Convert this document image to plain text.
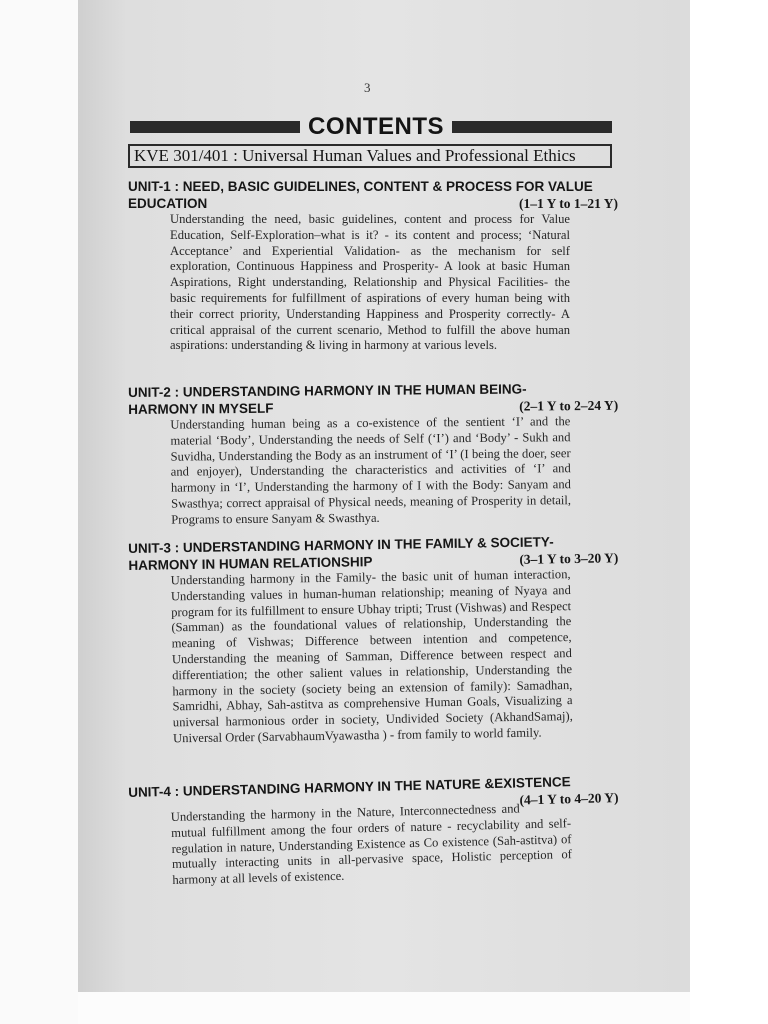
3
CONTENTS
KVE 301/401 : Universal Human Values and Professional Ethics
UNIT-1 : NEED, BASIC GUIDELINES, CONTENT & PROCESS FOR VALUE
EDUCATION	(1–1 Y to 1–21 Y)
Understanding the need, basic guidelines, content and process for Value Education, Self-Exploration–what is it? - its content and process; ‘Natural Acceptance’ and Experiential Validation- as the mechanism for self exploration, Continuous Happiness and Prosperity- A look at basic Human Aspirations, Right understanding, Relationship and Physical Facilities- the basic requirements for fulfillment of aspirations of every human being with their correct priority, Understanding Happiness and Prosperity correctly- A critical appraisal of the current scenario, Method to fulfill the above human aspirations: understanding & living in harmony at various levels.
UNIT-2 : UNDERSTANDING HARMONY IN THE HUMAN BEING-
HARMONY IN MYSELF	(2–1 Y to 2–24 Y)
Understanding human being as a co-existence of the sentient ‘I’ and the material ‘Body’, Understanding the needs of Self (‘I’) and ‘Body’ - Sukh and Suvidha, Understanding the Body as an instrument of ‘I’ (I being the doer, seer and enjoyer), Understanding the characteristics and activities of ‘I’ and harmony in ‘I’, Understanding the harmony of I with the Body: Sanyam and Swasthya; correct appraisal of Physical needs, meaning of Prosperity in detail, Programs to ensure Sanyam & Swasthya.
UNIT-3 : UNDERSTANDING HARMONY IN THE FAMILY & SOCIETY-
HARMONY IN HUMAN RELATIONSHIP	(3–1 Y to 3–20 Y)
Understanding harmony in the Family- the basic unit of human interaction, Understanding values in human-human relationship; meaning of Nyaya and program for its fulfillment to ensure Ubhay tripti; Trust (Vishwas) and Respect (Samman) as the foundational values of relationship, Understanding the meaning of Vishwas; Difference between intention and competence, Understanding the meaning of Samman, Difference between respect and differentiation; the other salient values in relationship, Understanding the harmony in the society (society being an extension of family): Samadhan, Samridhi, Abhay, Sah-astitva as comprehensive Human Goals, Visualizing a universal harmonious order in society, Undivided Society (AkhandSamaj), Universal Order (SarvabhaumVyawastha ) - from family to world family.
UNIT-4 : UNDERSTANDING HARMONY IN THE NATURE &EXISTENCE
(4–1 Y to 4–20 Y)
Understanding the harmony in the Nature, Interconnectedness and mutual fulfillment among the four orders of nature - recyclability and self-regulation in nature, Understanding Existence as Co existence (Sah-astitva) of mutually interacting units in all-pervasive space, Holistic perception of harmony at all levels of existence.
